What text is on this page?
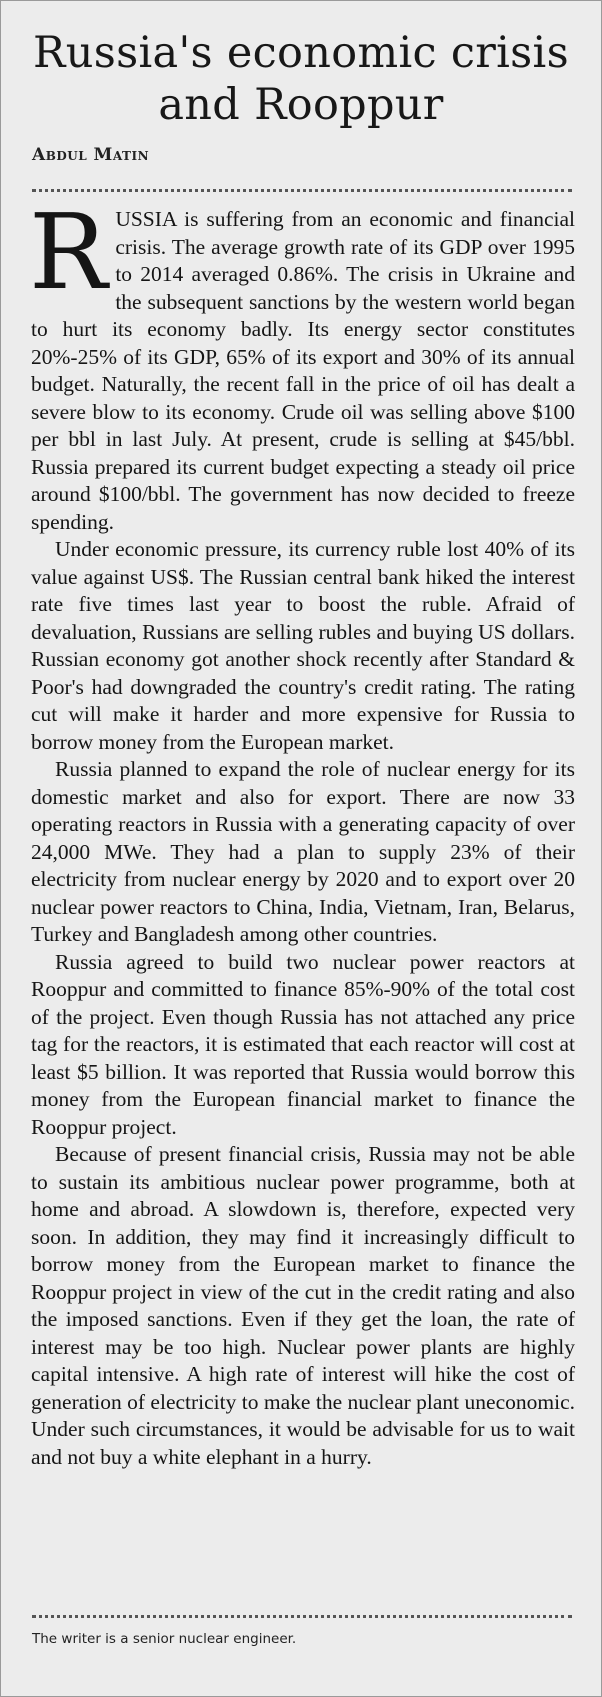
Russia's economic crisis and Rooppur
Abdul Matin

RUSSIA is suffering from an economic and financial crisis. The average growth rate of its GDP over 1995 to 2014 averaged 0.86%. The crisis in Ukraine and the subsequent sanctions by the western world began to hurt its economy badly. Its energy sector constitutes 20%-25% of its GDP, 65% of its export and 30% of its annual budget. Naturally, the recent fall in the price of oil has dealt a severe blow to its economy. Crude oil was selling above $100 per bbl in last July. At present, crude is selling at $45/bbl. Russia prepared its current budget expecting a steady oil price around $100/bbl. The government has now decided to freeze spending.

Under economic pressure, its currency ruble lost 40% of its value against US$. The Russian central bank hiked the interest rate five times last year to boost the ruble. Afraid of devaluation, Russians are selling rubles and buying US dollars. Russian economy got another shock recently after Standard & Poor's had downgraded the country's credit rating. The rating cut will make it harder and more expensive for Russia to borrow money from the European market.

Russia planned to expand the role of nuclear energy for its domestic market and also for export. There are now 33 operating reactors in Russia with a generating capacity of over 24,000 MWe. They had a plan to supply 23% of their electricity from nuclear energy by 2020 and to export over 20 nuclear power reactors to China, India, Vietnam, Iran, Belarus, Turkey and Bangladesh among other countries.

Russia agreed to build two nuclear power reactors at Rooppur and committed to finance 85%-90% of the total cost of the project. Even though Russia has not attached any price tag for the reactors, it is estimated that each reactor will cost at least $5 billion. It was reported that Russia would borrow this money from the European financial market to finance the Rooppur project.

Because of present financial crisis, Russia may not be able to sustain its ambitious nuclear power programme, both at home and abroad. A slowdown is, therefore, expected very soon. In addition, they may find it increasingly difficult to borrow money from the European market to finance the Rooppur project in view of the cut in the credit rating and also the imposed sanctions. Even if they get the loan, the rate of interest may be too high. Nuclear power plants are highly capital intensive. A high rate of interest will hike the cost of generation of electricity to make the nuclear plant uneconomic. Under such circumstances, it would be advisable for us to wait and not buy a white elephant in a hurry.

The writer is a senior nuclear engineer.
